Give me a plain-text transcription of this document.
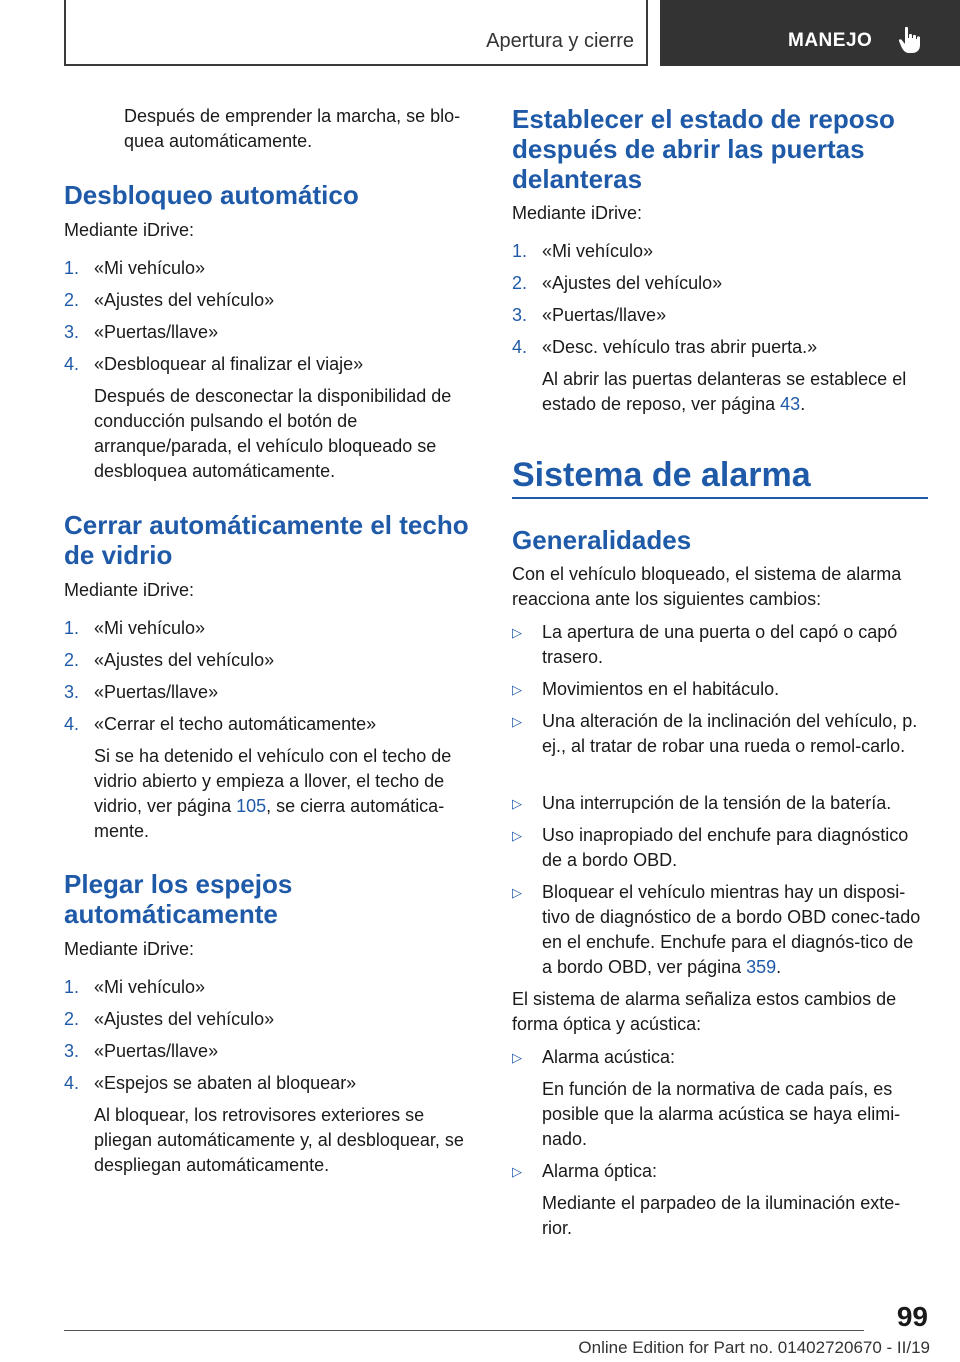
Apertura y cierre	MANEJO

Después de emprender la marcha, se blo-quea automáticamente.

Desbloqueo automático

Mediante iDrive:

1. «Mi vehículo»
2. «Ajustes del vehículo»
3. «Puertas/llave»
4. «Desbloquear al finalizar el viaje»

Después de desconectar la disponibilidad de conducción pulsando el botón de arranque/parada, el vehículo bloqueado se desbloquea automáticamente.

Cerrar automáticamente el techo
de vidrio

Mediante iDrive:

1. «Mi vehículo»
2. «Ajustes del vehículo»
3. «Puertas/llave»
4. «Cerrar el techo automáticamente»

Si se ha detenido el vehículo con el techo de vidrio abierto y empieza a llover, el techo de vidrio, ver página 105, se cierra automática-mente.

Plegar los espejos
automáticamente

Mediante iDrive:

1. «Mi vehículo»
2. «Ajustes del vehículo»
3. «Puertas/llave»
4. «Espejos se abaten al bloquear»

Al bloquear, los retrovisores exteriores se pliegan automáticamente y, al desbloquear, se despliegan automáticamente.

Establecer el estado de reposo
después de abrir las puertas
delanteras

Mediante iDrive:

1. «Mi vehículo»
2. «Ajustes del vehículo»
3. «Puertas/llave»
4. «Desc. vehículo tras abrir puerta.»

Al abrir las puertas delanteras se establece el estado de reposo, ver página 43.

Sistema de alarma
Generalidades

Con el vehículo bloqueado, el sistema de alarma reacciona ante los siguientes cambios:

▷ La apertura de una puerta o del capó o capó trasero.
▷ Movimientos en el habitáculo.
▷ Una alteración de la inclinación del vehículo, p. ej., al tratar de robar una rueda o remol-carlo.
▷ Una interrupción de la tensión de la batería.
▷ Uso inapropiado del enchufe para diagnóstico de a bordo OBD.
▷ Bloquear el vehículo mientras hay un disposi-tivo de diagnóstico de a bordo OBD conec-tado en el enchufe. Enchufe para el diagnós-tico de a bordo OBD, ver página 359.

El sistema de alarma señaliza estos cambios de forma óptica y acústica:

▷ Alarma acústica:

En función de la normativa de cada país, es posible que la alarma acústica se haya elimi-nado.

▷ Alarma óptica:

Mediante el parpadeo de la iluminación exte-rior.

99
Online Edition for Part no. 01402720670 - II/19
